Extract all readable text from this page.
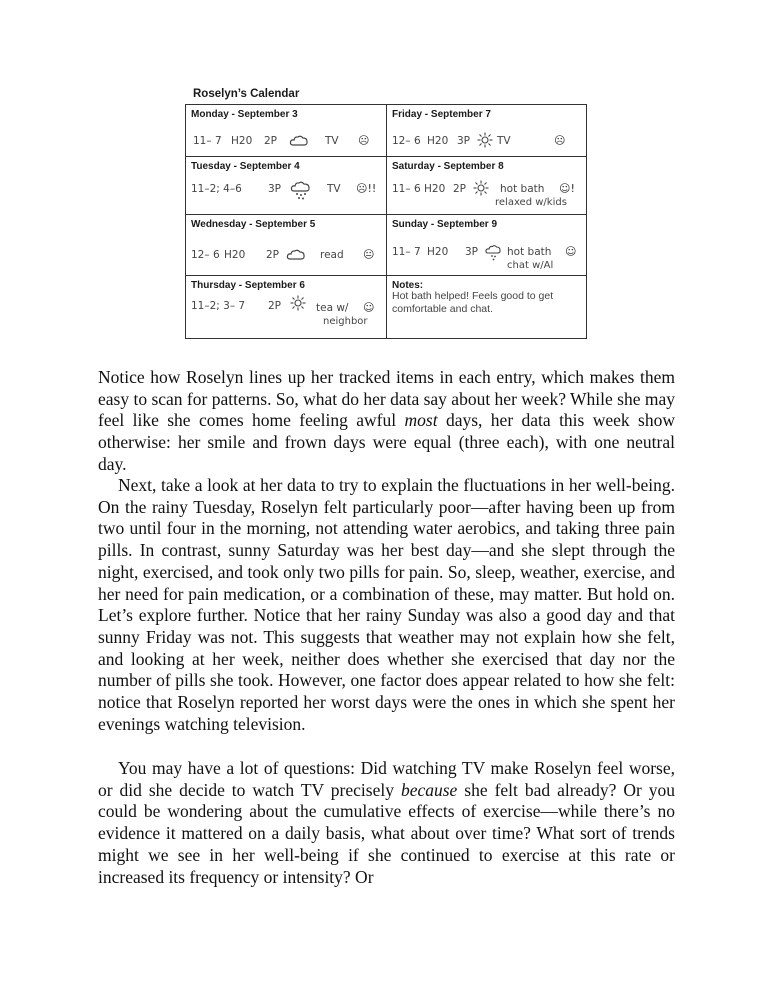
Roselyn’s Calendar
Monday - September 3
11– 7 H20 2P	TV ☹
Friday - September 7
12– 6 H20 3P	TV	☹
Tuesday - September 4
11–2; 4–6 3P	TV ☹!!
Saturday - September 8
11– 6 H20 2P	hot bath ☺!
relaxed w/kids
Wednesday - September 5
12– 6 H20 2P	read 😐
Sunday - September 9
11– 7 H20 3P	hot bath ☺
chat w/Al
Thursday - September 6
11–2; 3– 7 2P	tea w/ ☺
neighbor
Notes:
Hot bath helped! Feels good to get comfortable and chat.

Notice how Roselyn lines up her tracked items in each entry, which makes them easy to scan for patterns. So, what do her data say about her week? While she may feel like she comes home feeling awful most days, her data this week show otherwise: her smile and frown days were equal (three each), with one neutral day.

Next, take a look at her data to try to explain the fluctuations in her well-being. On the rainy Tuesday, Roselyn felt particularly poor—after having been up from two until four in the morning, not attending water aerobics, and taking three pain pills. In contrast, sunny Saturday was her best day—and she slept through the night, exercised, and took only two pills for pain. So, sleep, weather, exercise, and her need for pain medication, or a combination of these, may matter. But hold on. Let’s explore further. Notice that her rainy Sunday was also a good day and that sunny Friday was not. This suggests that weather may not explain how she felt, and looking at her week, neither does whether she exercised that day nor the number of pills she took. However, one factor does appear related to how she felt: notice that Roselyn reported her worst days were the ones in which she spent her evenings watching television.

You may have a lot of questions: Did watching TV make Roselyn feel worse, or did she decide to watch TV precisely because she felt bad already? Or you could be wondering about the cumulative effects of exercise—while there’s no evidence it mattered on a daily basis, what about over time? What sort of trends might we see in her well-being if she continued to exercise at this rate or increased its frequency or intensity? Or
